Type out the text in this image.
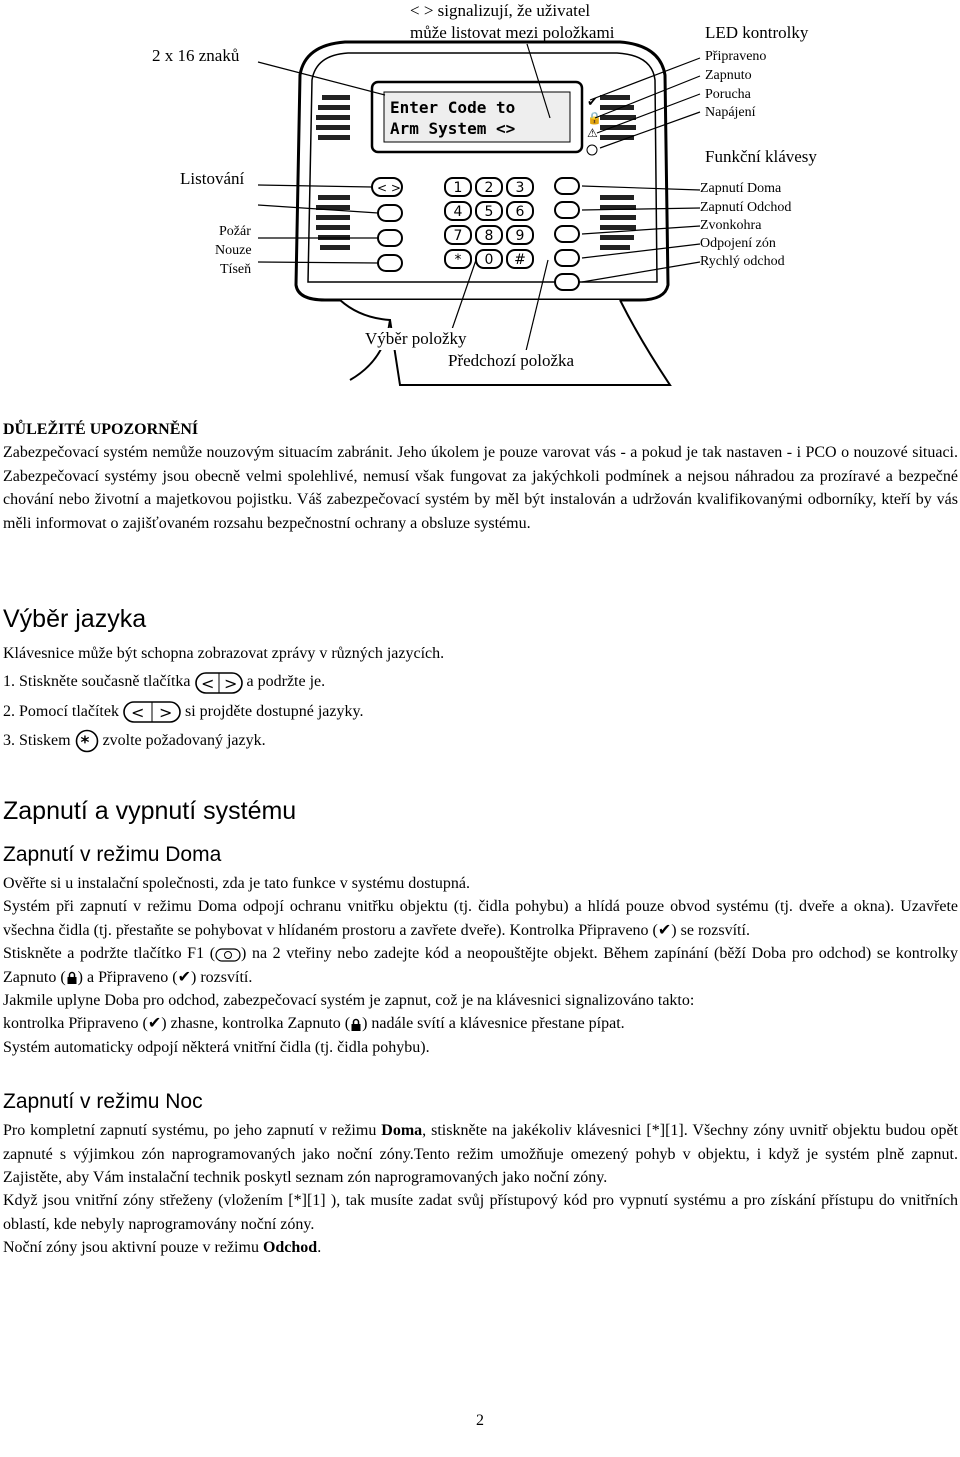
Enter Code to
Arm System <>
✔
🔒
⚠
< >	1 2 3
4 5 6
7 8 9
* 0 #
2 x 16 znaků
< > signalizují, že uživatel
může listovat mezi položkami	LED kontrolky
Připraveno
Zapnuto
Porucha
Napájení
Listování
Požár
Nouze
Tíseň
Funkční klávesy
Zapnutí Doma
Zapnutí Odchod
Zvonkohra
Odpojení zón
Rychlý odchod
Výběr položky
Předchozí položka
DŮLEŽITÉ UPOZORNĚNÍ

Zabezpečovací systém nemůže nouzovým situacím zabránit. Jeho úkolem je pouze varovat vás - a pokud je tak nastaven - i PCO o nouzové situaci. Zabezpečovací systémy jsou obecně velmi spolehlivé, nemusí však fungovat za jakýchkoli podmínek a nejsou náhradou za prozíravé a bezpečné chování nebo životní a majetkovou pojistku. Váš zabezpečovací systém by měl být instalován a udržován kvalifikovanými odborníky, kteří by vás měli informovat o zajišťovaném rozsahu bezpečnostní ochrany a obsluze systému.

Výběr jazyka

Klávesnice může být schopna zobrazovat zprávy v různých jazycích.

1. Stiskněte současně tlačítka < > a podržte je.

2. Pomocí tlačítek < > si projděte dostupné jazyky.

3. Stiskem * zvolte požadovaný jazyk.

Zapnutí a vypnutí systému
Zapnutí v režimu Doma

Ověřte si u instalační společnosti, zda je tato funkce v systému dostupná.

Systém při zapnutí v režimu Doma odpojí ochranu vnitřku objektu (tj. čidla pohybu) a hlídá pouze obvod systému (tj. dveře a okna). Uzavřete všechna čidla (tj. přestaňte se pohybovat v hlídaném prostoru a zavřete dveře). Kontrolka Připraveno (✔) se rozsvítí.

Stiskněte a podržte tlačítko F1 ( ) na 2 vteřiny nebo zadejte kód a neopouštějte objekt. Během zapínání (běží Doba pro odchod) se kontrolky Zapnuto ( ) a Připraveno (✔) rozsvítí.

Jakmile uplyne Doba pro odchod, zabezpečovací systém je zapnut, což je na klávesnici signalizováno takto:

kontrolka Připraveno (✔) zhasne, kontrolka Zapnuto ( ) nadále svítí a klávesnice přestane pípat.

Systém automaticky odpojí některá vnitřní čidla (tj. čidla pohybu).

Zapnutí v režimu Noc

Pro kompletní zapnutí systému, po jeho zapnutí v režimu Doma, stiskněte na jakékoliv klávesnici [*][1]. Všechny zóny uvnitř objektu budou opět zapnuté s výjimkou zón naprogramovaných jako noční zóny.Tento režim umožňuje omezený pohyb v objektu, i když je systém plně zapnut. Zajistěte, aby Vám instalační technik poskytl seznam zón naprogramovaných jako noční zóny.

Když jsou vnitřní zóny střeženy (vložením [*][1] ), tak musíte zadat svůj přístupový kód pro vypnutí systému a pro získání přístupu do vnitřních oblastí, kde nebyly naprogramovány noční zóny.

Noční zóny jsou aktivní pouze v režimu Odchod.

2
